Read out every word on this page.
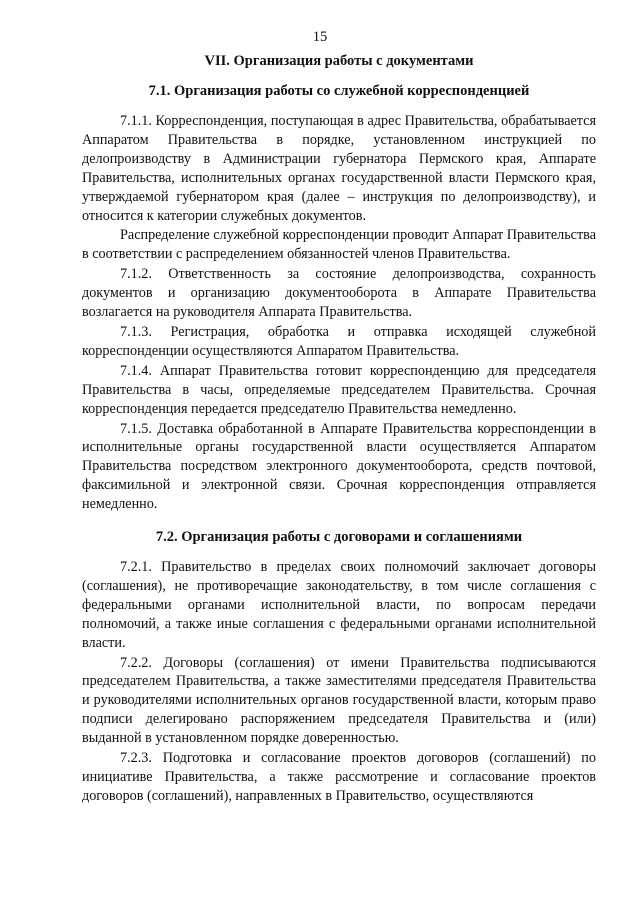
15
VII. Организация работы с документами
7.1. Организация работы со служебной корреспонденцией

7.1.1. Корреспонденция, поступающая в адрес Правительства, обрабатывается Аппаратом Правительства в порядке, установленном инструкцией по делопроизводству в Администрации губернатора Пермского края, Аппарате Правительства, исполнительных органах государственной власти Пермского края, утверждаемой губернатором края (далее – инструкция по делопроизводству), и относится к категории служебных документов.

Распределение служебной корреспонденции проводит Аппарат Правительства в соответствии с распределением обязанностей членов Правительства.

7.1.2. Ответственность за состояние делопроизводства, сохранность документов и организацию документооборота в Аппарате Правительства возлагается на руководителя Аппарата Правительства.

7.1.3. Регистрация, обработка и отправка исходящей служебной корреспонденции осуществляются Аппаратом Правительства.

7.1.4. Аппарат Правительства готовит корреспонденцию для председателя Правительства в часы, определяемые председателем Правительства. Срочная корреспонденция передается председателю Правительства немедленно.

7.1.5. Доставка обработанной в Аппарате Правительства корреспонденции в исполнительные органы государственной власти осуществляется Аппаратом Правительства посредством электронного документооборота, средств почтовой, факсимильной и электронной связи. Срочная корреспонденция отправляется немедленно.

7.2. Организация работы с договорами и соглашениями

7.2.1. Правительство в пределах своих полномочий заключает договоры (соглашения), не противоречащие законодательству, в том числе соглашения с федеральными органами исполнительной власти, по вопросам передачи полномочий, а также иные соглашения с федеральными органами исполнительной власти.

7.2.2. Договоры (соглашения) от имени Правительства подписываются председателем Правительства, а также заместителями председателя Правительства и руководителями исполнительных органов государственной власти, которым право подписи делегировано распоряжением председателя Правительства и (или) выданной в установленном порядке доверенностью.

7.2.3. Подготовка и согласование проектов договоров (соглашений) по инициативе Правительства, а также рассмотрение и согласование проектов договоров (соглашений), направленных в Правительство, осуществляются
